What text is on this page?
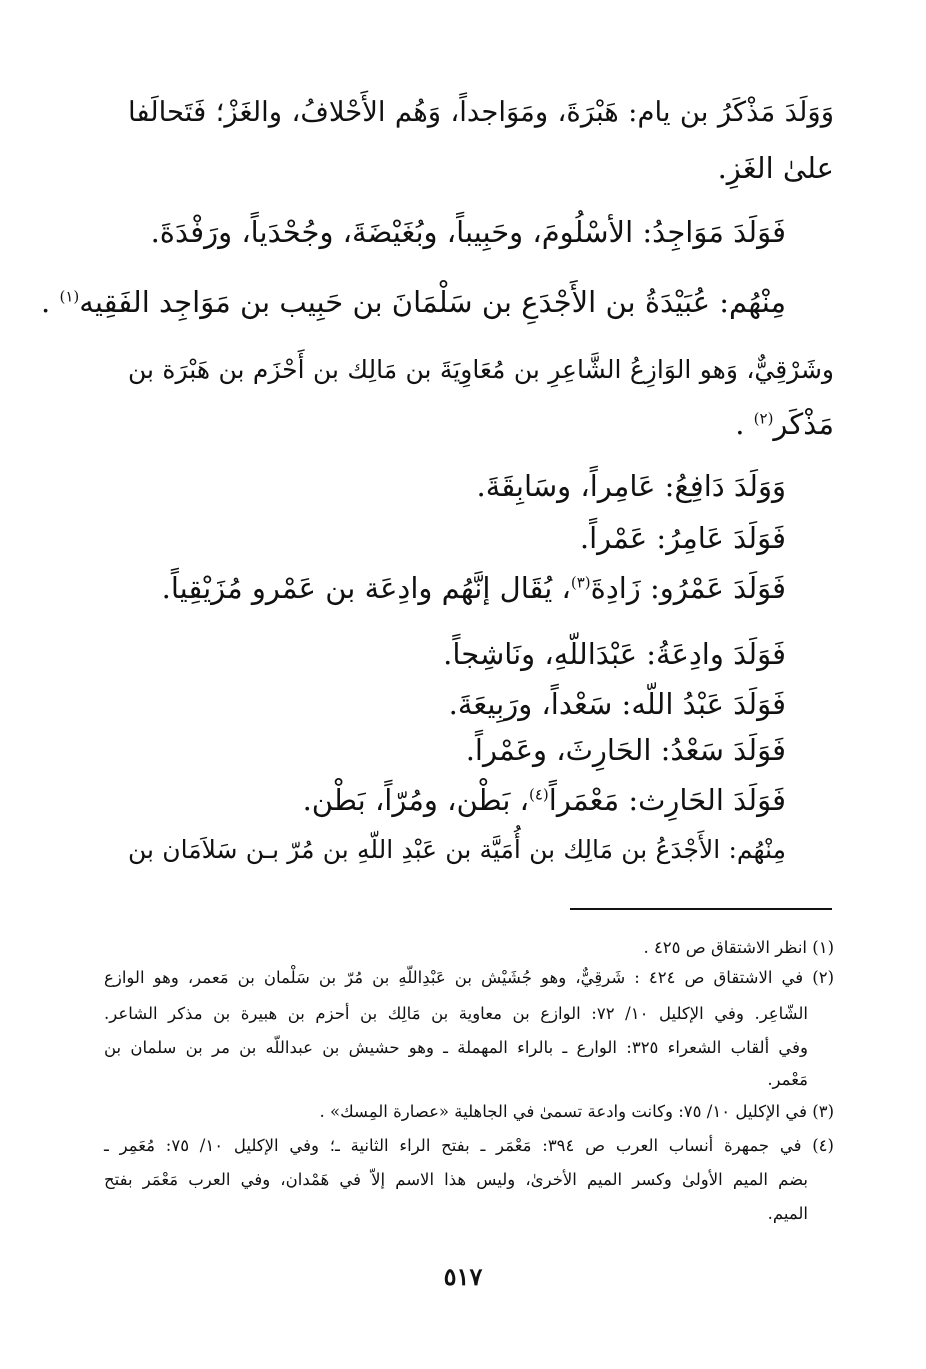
وَوَلَدَ مَذْكَرُ بن يام: هَبْرَةَ، ومَوَاجداً، وَهُم الأَحْلافُ، والغَزْ؛ فَتَحالَفا
علىٰ الغَزِ.
فَوَلَدَ مَوَاجِدُ: الأسْلُومَ، وحَبِيباً، وبُغَيْضَةَ، وجُحْدَياً، ورَفْدَةَ.
مِنْهُم: عُبَيْدَةُ بن الأَجْدَعِ بن سَلْمَانَ بن حَبِيب بن مَوَاجِد الفَقِيه$^{(١)}$ .
وشَرْقِيٌّ، وَهو الوَازِعُ الشَّاعِرِ بن مُعَاوِيَةَ بن مَالِك بن أَحْزَم بن هَبْرَة بن
مَذْكَر$^{(٢)}$ .
وَوَلَدَ دَافِعُ: عَامِراً، وسَابِقَةَ.
فَوَلَدَ عَامِرُ: عَمْراً.
فَوَلَدَ عَمْرُو: زَادِةَ$^{(٣)}$، يُقَال إنَّهُم وادِعَة بن عَمْرو مُزَيْقِياً.
فَوَلَدَ وادِعَةُ: عَبْدَاللّهِ، ونَاشِجاً.
فَوَلَدَ عَبْدُ اللّه: سَعْداً، ورَبِيعَةَ.
فَوَلَدَ سَعْدُ: الحَارِثَ، وعَمْراً.
فَوَلَدَ الحَارِث: مَعْمَراً$^{(٤)}$، بَطْن، ومُرّاً، بَطْن.
مِنْهُم: الأَجْدَعُ بن مَالِك بن أُمَيَّة بن عَبْدِ اللّهِ بن مُرّ بـن سَلاَمَان بن
(١) انظر الاشتقاق ص ٤٢٥ .
(٢) في الاشتقاق ص ٤٢٤ : شَرقِيٌّ، وهو جُشَيْش بن عَبْدِاللّهِ بن مُرّ بن سَلْمان بن مَعمر، وهو الوازع
الشّاعِر. وفي الإكليل ١٠/ ٧٢: الوازع بن معاوية بن مَالِك بن أحزم بن هبيرة بن مذكر الشاعر.
وفي ألقاب الشعراء ٣٢٥: الوارع ـ بالراء المهملة ـ وهو حشيش بن عبداللّه بن مر بن سلمان بن
مَعْمر.
(٣) في الإكليل ١٠/ ٧٥: وكانت وادعة تسمىٰ في الجاهلية «عصارة المِسك» .
(٤) في جمهرة أنساب العرب ص ٣٩٤: مَعْمَر ـ بفتح الراء الثانية ـ؛ وفي الإكليل ١٠/ ٧٥: مُعَمِر ـ
بضم الميم الأولىٰ وكسر الميم الأخرىٰ، وليس هذا الاسم إلاّ في هَمْدان، وفي العرب مَعْمَر بفتح
الميم.
٥١٧
